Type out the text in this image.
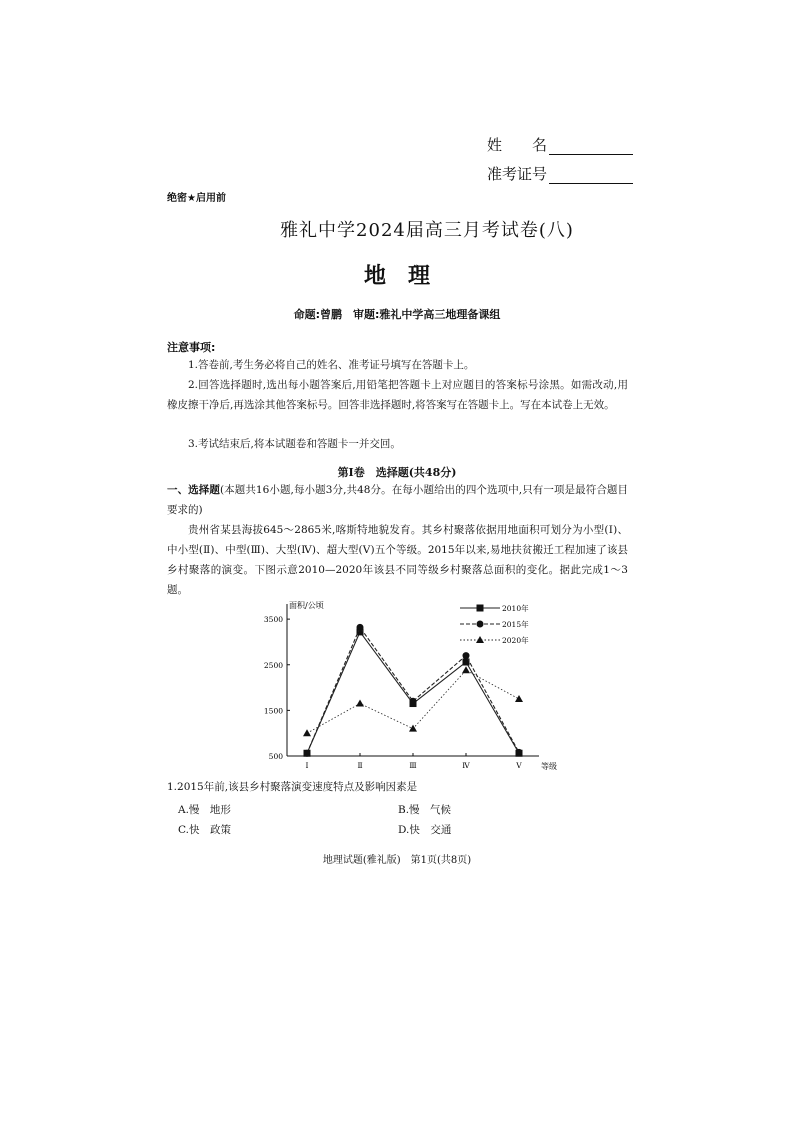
姓　　名
准考证号
绝密★启用前
雅礼中学2024届高三月考试卷(八)
地理
命题:曾鹏　审题:雅礼中学高三地理备课组
注意事项:
1.答卷前,考生务必将自己的姓名、准考证号填写在答题卡上。
2.回答选择题时,选出每小题答案后,用铅笔把答题卡上对应题目的答案标号涂黑。如需改动,用橡皮擦干净后,再选涂其他答案标号。回答非选择题时,将答案写在答题卡上。写在本试卷上无效。
3.考试结束后,将本试题卷和答题卡一并交回。
第Ⅰ卷　选择题(共48分)
一、选择题(本题共16小题,每小题3分,共48分。在每小题给出的四个选项中,只有一项是最符合题目要求的)
贵州省某县海拔645～2865米,喀斯特地貌发育。其乡村聚落依据用地面积可划分为小型(Ⅰ)、中小型(Ⅱ)、中型(Ⅲ)、大型(Ⅳ)、超大型(Ⅴ)五个等级。2015年以来,易地扶贫搬迁工程加速了该县乡村聚落的演变。下图示意2010—2020年该县不同等级乡村聚落总面积的变化。据此完成1～3题。
面积/公顷
等级
500
1500
2500
3500
Ⅰ	Ⅱ	Ⅲ	Ⅳ	Ⅴ
2010年
2015年
2020年
1.2015年前,该县乡村聚落演变速度特点及影响因素是
A.慢　地形	B.慢　气候
C.快　政策	D.快　交通
地理试题(雅礼版)　第1页(共8页)
